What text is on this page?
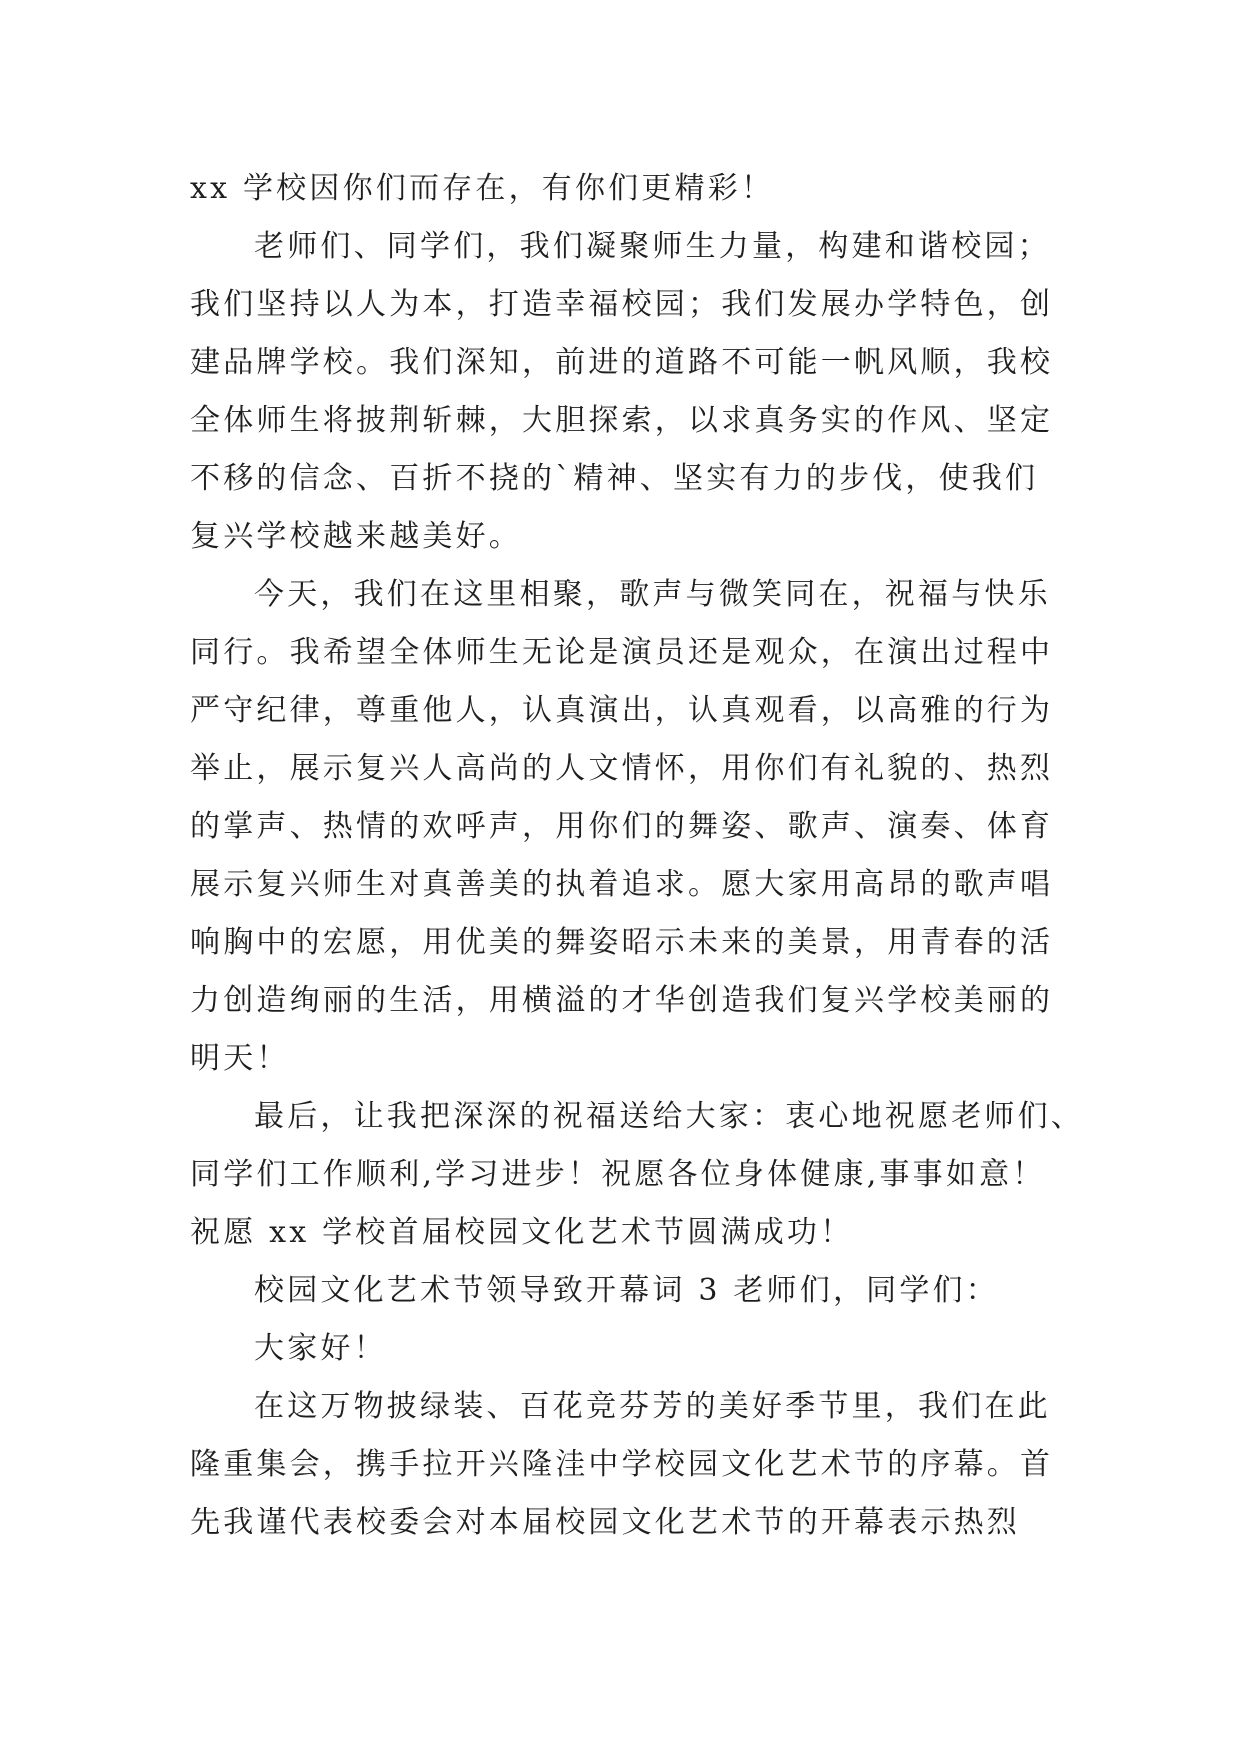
xx 学校因你们而存在，有你们更精彩！
老师们、同学们，我们凝聚师生力量，构建和谐校园；
我们坚持以人为本，打造幸福校园；我们发展办学特色，创
建品牌学校。我们深知，前进的道路不可能一帆风顺，我校
全体师生将披荆斩棘，大胆探索，以求真务实的作风、坚定
不移的信念、百折不挠的`精神、坚实有力的步伐，使我们
复兴学校越来越美好。
今天，我们在这里相聚，歌声与微笑同在，祝福与快乐
同行。我希望全体师生无论是演员还是观众，在演出过程中
严守纪律，尊重他人，认真演出，认真观看，以高雅的行为
举止，展示复兴人高尚的人文情怀，用你们有礼貌的、热烈
的掌声、热情的欢呼声，用你们的舞姿、歌声、演奏、体育
展示复兴师生对真善美的执着追求。愿大家用高昂的歌声唱
响胸中的宏愿，用优美的舞姿昭示未来的美景，用青春的活
力创造绚丽的生活，用横溢的才华创造我们复兴学校美丽的
明天！
最后，让我把深深的祝福送给大家：衷心地祝愿老师们、
同学们工作顺利,学习进步！祝愿各位身体健康,事事如意！
祝愿 xx 学校首届校园文化艺术节圆满成功！
校园文化艺术节领导致开幕词 3 老师们，同学们：
大家好！
在这万物披绿装、百花竞芬芳的美好季节里，我们在此
隆重集会，携手拉开兴隆洼中学校园文化艺术节的序幕。首
先我谨代表校委会对本届校园文化艺术节的开幕表示热烈
